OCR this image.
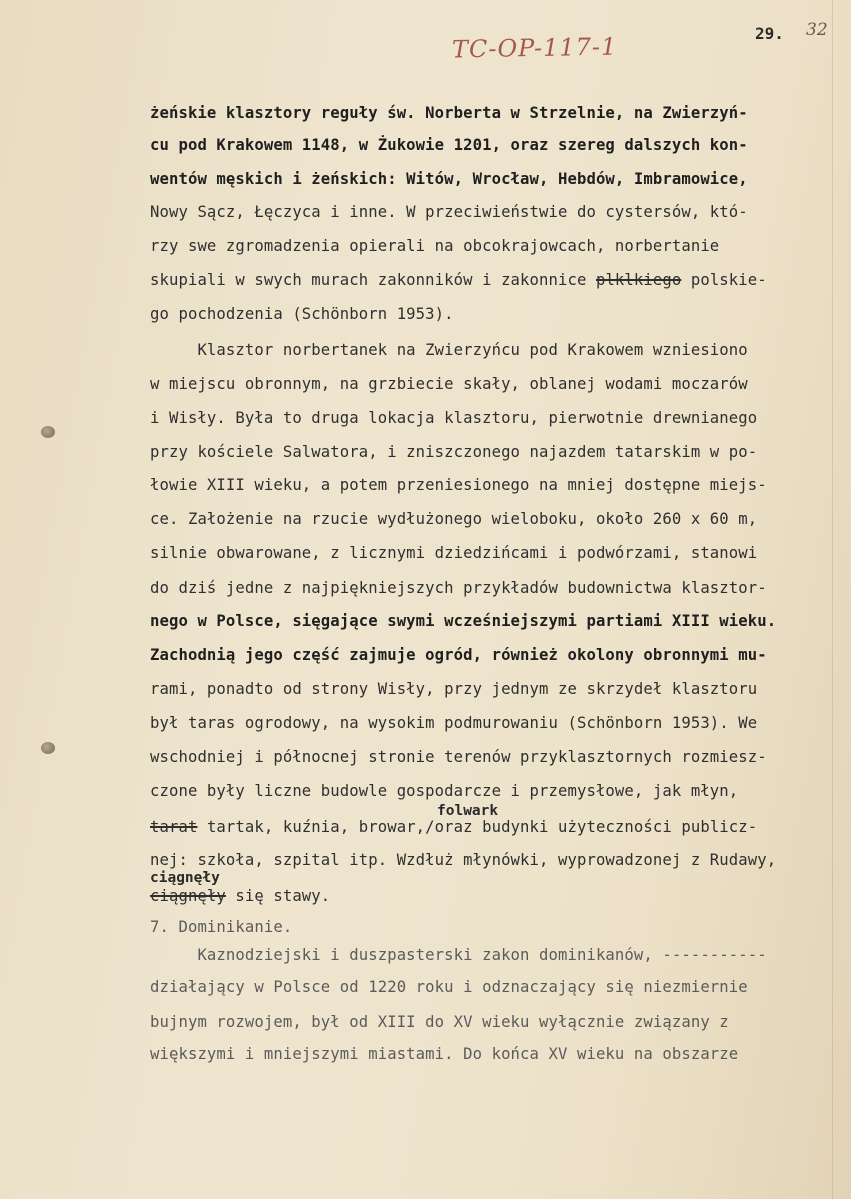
TC-OP-117-1	29. 32
żeńskie klasztory reguły św. Norberta w Strzelnie, na Zwierzyń-
cu pod Krakowem 1148, w Żukowie 1201, oraz szereg dalszych kon-
wentów męskich i żeńskich: Witów, Wrocław, Hebdów, Imbramowice,
Nowy Sącz, Łęczyca i inne. W przeciwieństwie do cystersów, któ-
rzy swe zgromadzenia opierali na obcokrajowcach, norbertanie
skupiali w swych murach zakonników i zakonnice plklkiego polskie-
go pochodzenia (Schönborn 1953).
Klasztor norbertanek na Zwierzyńcu pod Krakowem wzniesiono
w miejscu obronnym, na grzbiecie skały, oblanej wodami moczarów
i Wisły. Była to druga lokacja klasztoru, pierwotnie drewnianego
przy kościele Salwatora, i zniszczonego najazdem tatarskim w po-
łowie XIII wieku, a potem przeniesionego na mniej dostępne miejs-
ce. Założenie na rzucie wydłużonego wieloboku, około 260 x 60 m,
silnie obwarowane, z licznymi dziedzińcami i podwórzami, stanowi
do dziś jedne z najpiękniejszych przykładów budownictwa klasztor-
nego w Polsce, sięgające swymi wcześniejszymi partiami XIII wieku.
Zachodnią jego część zajmuje ogród, również okolony obronnymi mu-
rami, ponadto od strony Wisły, przy jednym ze skrzydeł klasztoru
był taras ogrodowy, na wysokim podmurowaniu (Schönborn 1953). We
wschodniej i północnej stronie terenów przyklasztornych rozmiesz-
czone były liczne budowle gospodarcze i przemysłowe, jak młyn,
folwark
tarat tartak, kuźnia, browar,/oraz budynki użyteczności publicz-
nej: szkoła, szpital itp. Wzdłuż młynówki, wyprowadzonej z Rudawy,
ciągnęły
ciągnęły się stawy.
7. Dominikanie.
Kaznodziejski i duszpasterski zakon dominikanów, -----------
działający w Polsce od 1220 roku i odznaczający się niezmiernie
bujnym rozwojem, był od XIII do XV wieku wyłącznie związany z
większymi i mniejszymi miastami. Do końca XV wieku na obszarze
